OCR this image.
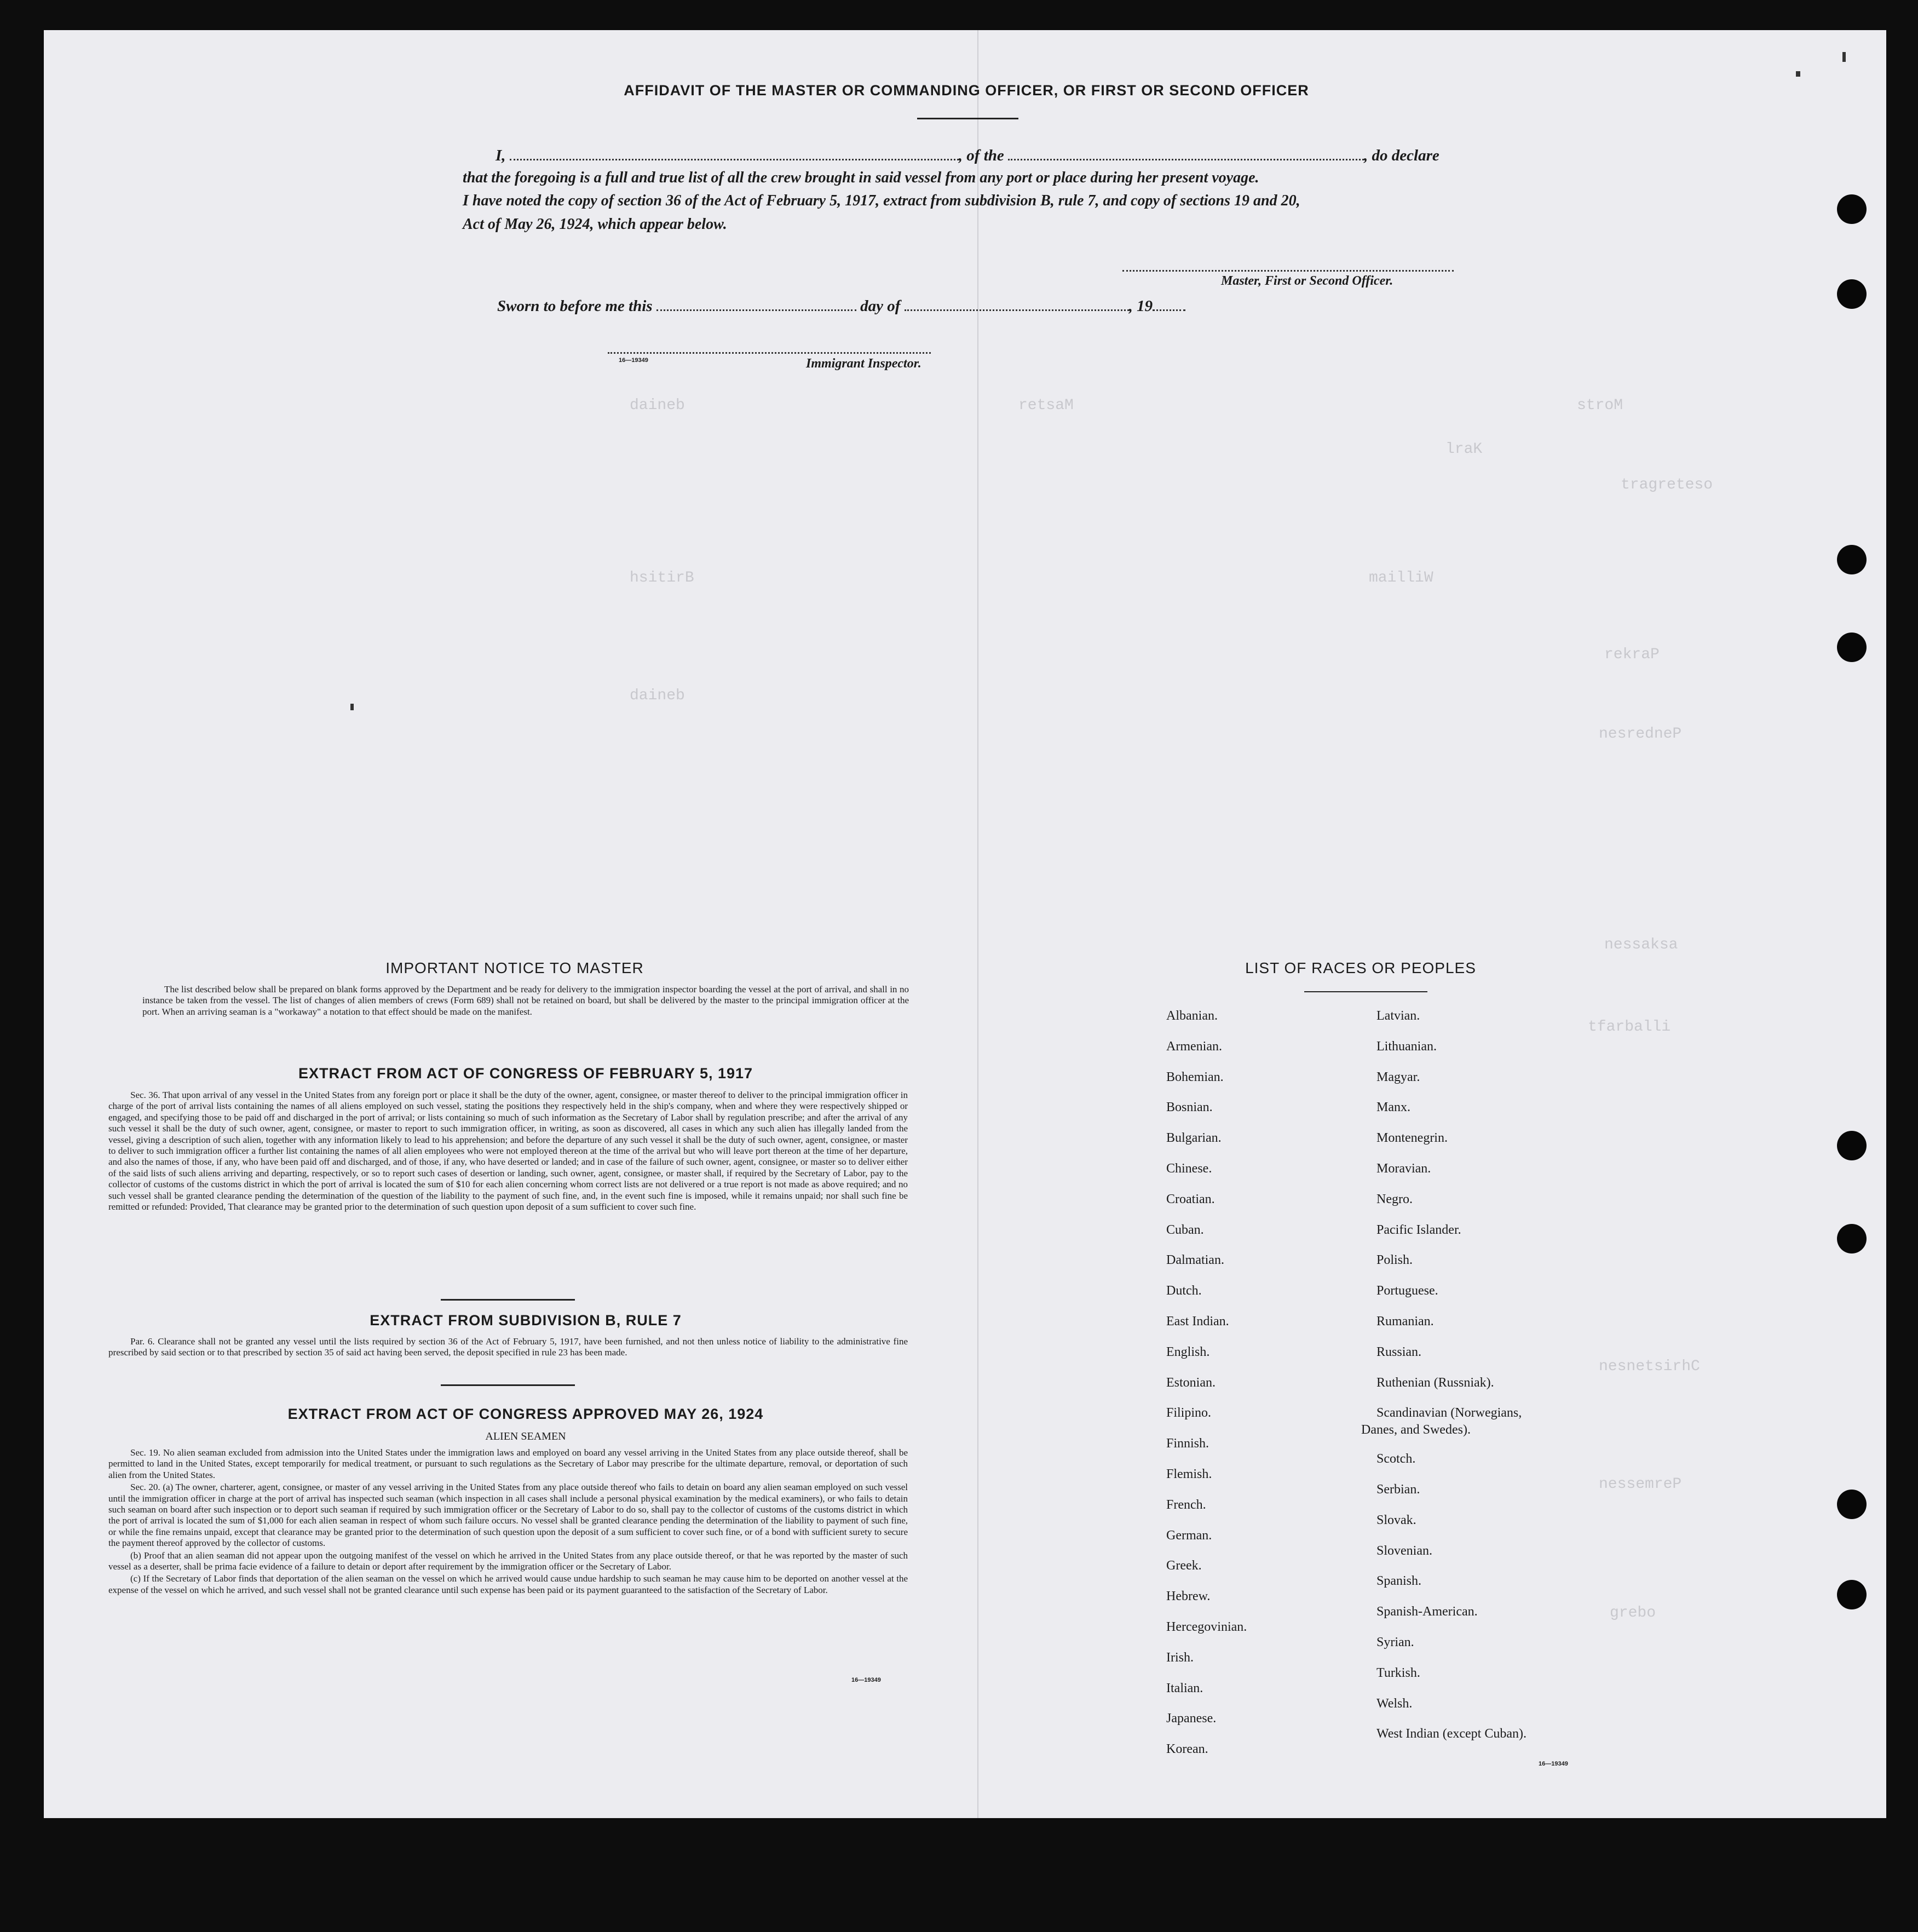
daineb	retsaM	stroM
lraK
tragreteso
hsitirB	mailliW
rekraP
daineb
nesredneP
nessaksa
tfarballi
nesnetsirhC
nessemreP
grebo
AFFIDAVIT OF THE MASTER OR COMMANDING OFFICER, OR FIRST OR SECOND OFFICER
I,	, of the	, do declare
that the foregoing is a full and true list of all the crew brought in said vessel from any port or place during her present voyage.
I have noted the copy of section 36 of the Act of February 5, 1917, extract from subdivision B, rule 7, and copy of sections 19 and 20,
Act of May 26, 1924, which appear below.
Master, First or Second Officer.
Sworn to before me this	day of	, 19
16—19349	Immigrant Inspector.
IMPORTANT NOTICE TO MASTER

The list described below shall be prepared on blank forms approved by the Department and be ready for delivery to the immigration inspector boarding the vessel at the port of arrival, and shall in no instance be taken from the vessel. The list of changes of alien members of crews (Form 689) shall not be retained on board, but shall be delivered by the master to the principal immigration officer at the port. When an arriving seaman is a "workaway" a notation to that effect should be made on the manifest.

EXTRACT FROM ACT OF CONGRESS OF FEBRUARY 5, 1917

Sec. 36. That upon arrival of any vessel in the United States from any foreign port or place it shall be the duty of the owner, agent, consignee, or master thereof to deliver to the principal immigration officer in charge of the port of arrival lists containing the names of all aliens employed on such vessel, stating the positions they respectively held in the ship's company, when and where they were respectively shipped or engaged, and specifying those to be paid off and discharged in the port of arrival; or lists containing so much of such information as the Secretary of Labor shall by regulation prescribe; and after the arrival of any such vessel it shall be the duty of such owner, agent, consignee, or master to report to such immigration officer, in writing, as soon as discovered, all cases in which any such alien has illegally landed from the vessel, giving a description of such alien, together with any information likely to lead to his apprehension; and before the departure of any such vessel it shall be the duty of such owner, agent, consignee, or master to deliver to such immigration officer a further list containing the names of all alien employees who were not employed thereon at the time of the arrival but who will leave port thereon at the time of her departure, and also the names of those, if any, who have been paid off and discharged, and of those, if any, who have deserted or landed; and in case of the failure of such owner, agent, consignee, or master so to deliver either of the said lists of such aliens arriving and departing, respectively, or so to report such cases of desertion or landing, such owner, agent, consignee, or master shall, if required by the Secretary of Labor, pay to the collector of customs of the customs district in which the port of arrival is located the sum of $10 for each alien concerning whom correct lists are not delivered or a true report is not made as above required; and no such vessel shall be granted clearance pending the determination of the question of the liability to the payment of such fine, and, in the event such fine is imposed, while it remains unpaid; nor shall such fine be remitted or refunded: Provided, That clearance may be granted prior to the determination of such question upon deposit of a sum sufficient to cover such fine.

EXTRACT FROM SUBDIVISION B, RULE 7

Par. 6. Clearance shall not be granted any vessel until the lists required by section 36 of the Act of February 5, 1917, have been furnished, and not then unless notice of liability to the administrative fine prescribed by said section or to that prescribed by section 35 of said act having been served, the deposit specified in rule 23 has been made.

EXTRACT FROM ACT OF CONGRESS APPROVED MAY 26, 1924
ALIEN SEAMEN

Sec. 19. No alien seaman excluded from admission into the United States under the immigration laws and employed on board any vessel arriving in the United States from any place outside thereof, shall be permitted to land in the United States, except temporarily for medical treatment, or pursuant to such regulations as the Secretary of Labor may prescribe for the ultimate departure, removal, or deportation of such alien from the United States.

Sec. 20. (a) The owner, charterer, agent, consignee, or master of any vessel arriving in the United States from any place outside thereof who fails to detain on board any alien seaman employed on such vessel until the immigration officer in charge at the port of arrival has inspected such seaman (which inspection in all cases shall include a personal physical examination by the medical examiners), or who fails to detain such seaman on board after such inspection or to deport such seaman if required by such immigration officer or the Secretary of Labor to do so, shall pay to the collector of customs of the customs district in which the port of arrival is located the sum of $1,000 for each alien seaman in respect of whom such failure occurs. No vessel shall be granted clearance pending the determination of the liability to payment of such fine, or while the fine remains unpaid, except that clearance may be granted prior to the determination of such question upon the deposit of a sum sufficient to cover such fine, or of a bond with sufficient surety to secure the payment thereof approved by the collector of customs.

(b) Proof that an alien seaman did not appear upon the outgoing manifest of the vessel on which he arrived in the United States from any place outside thereof, or that he was reported by the master of such vessel as a deserter, shall be prima facie evidence of a failure to detain or deport after requirement by the immigration officer or the Secretary of Labor.

(c) If the Secretary of Labor finds that deportation of the alien seaman on the vessel on which he arrived would cause undue hardship to such seaman he may cause him to be deported on another vessel at the expense of the vessel on which he arrived, and such vessel shall not be granted clearance until such expense has been paid or its payment guaranteed to the satisfaction of the Secretary of Labor.

16—19349
LIST OF RACES OR PEOPLES
Albanian.
Armenian.
Bohemian.
Bosnian.
Bulgarian.
Chinese.
Croatian.
Cuban.
Dalmatian.
Dutch.
East Indian.
English.
Estonian.
Filipino.
Finnish.
Flemish.
French.
German.
Greek.
Hebrew.
Hercegovinian.
Irish.
Italian.
Japanese.
Korean.
Latvian.
Lithuanian.
Magyar.
Manx.
Montenegrin.
Moravian.
Negro.
Pacific Islander.
Polish.
Portuguese.
Rumanian.
Russian.
Ruthenian (Russniak).
Scandinavian (Norwegians,
Danes, and Swedes).
Scotch.
Serbian.
Slovak.
Slovenian.
Spanish.
Spanish-American.
Syrian.
Turkish.
Welsh.
West Indian (except Cuban).
16—19349
